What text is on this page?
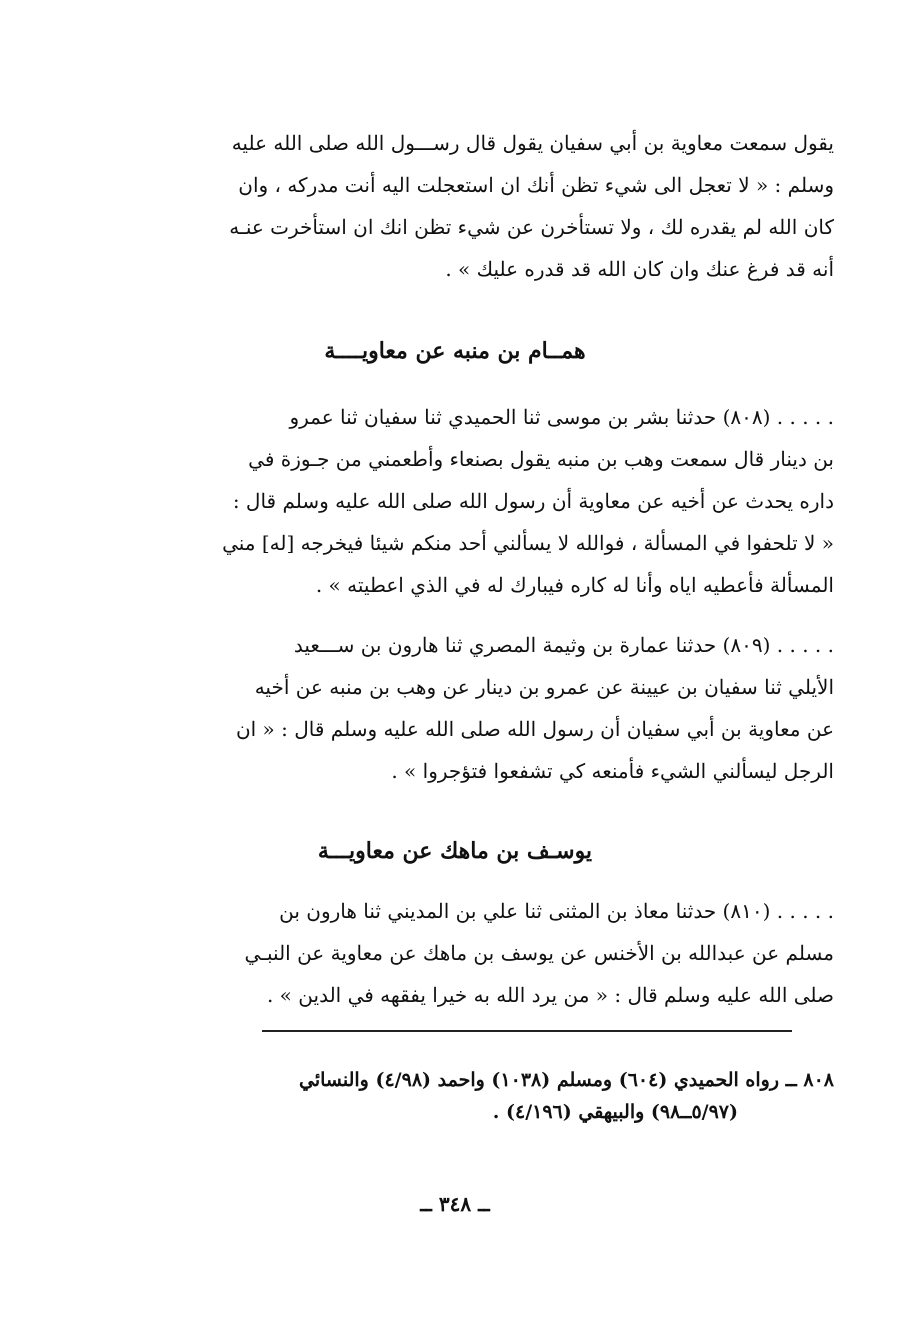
يقول سمعت معاوية بن أبي سفيان يقول قال رســـول الله صلى الله عليه
وسلم : « لا تعجل الى شيء تظن أنك ان استعجلت اليه أنت مدركه ، وان
كان الله لم يقدره لك ، ولا تستأخرن عن شيء تظن انك ان استأخرت عنـه
أنه قد فرغ عنك وان كان الله قد قدره عليك » .
همــام بن منبه عن معاويــــة
. . . . . (٨٠٨) حدثنا بشر بن موسى ثنا الحميدي ثنا سفيان ثنا عمرو
بن دينار قال سمعت وهب بن منبه يقول بصنعاء وأطعمني من جـوزة في
داره يحدث عن أخيه عن معاوية أن رسول الله صلى الله عليه وسلم قال :
« لا تلحفوا في المسألة ، فوالله لا يسألني أحد منكم شيئا فيخرجه [له] مني
المسألة فأعطيه اياه وأنا له كاره فيبارك له في الذي اعطيته » .
. . . . . (٨٠٩) حدثنا عمارة بن وثيمة المصري ثنا هارون بن ســـعيد
الأيلي ثنا سفيان بن عيينة عن عمرو بن دينار عن وهب بن منبه عن أخيه
عن معاوية بن أبي سفيان أن رسول الله صلى الله عليه وسلم قال : « ان
الرجل ليسألني الشيء فأمنعه كي تشفعوا فتؤجروا » .
يوسـف بن ماهك عن معاويـــة
. . . . . (٨١٠) حدثنا معاذ بن المثنى ثنا علي بن المديني ثنا هارون بن
مسلم عن عبدالله بن الأخنس عن يوسف بن ماهك عن معاوية عن النبـي
صلى الله عليه وسلم قال : « من يرد الله به خيرا يفقهه في الدين » .
٨٠٨ ــ رواه الحميدي (٦٠٤) ومسلم (١٠٣٨) واحمد (٤/٩٨) والنسائي
(٥/٩٧ــ٩٨) والبيهقي (٤/١٩٦) .
ــ ٣٤٨ ــ
